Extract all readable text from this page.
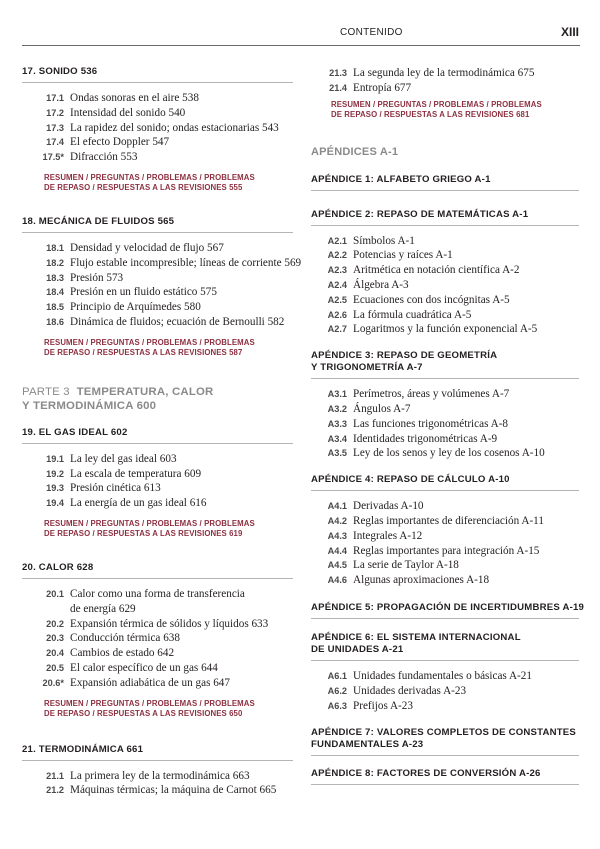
CONTENIDO	XIII
17. SONIDO 536
17.1 Ondas sonoras en el aire 538
17.2 Intensidad del sonido 540
17.3 La rapidez del sonido; ondas estacionarias 543
17.4 El efecto Doppler 547
17.5* Difracción 553
RESUMEN / PREGUNTAS / PROBLEMAS / PROBLEMAS
DE REPASO / RESPUESTAS A LAS REVISIONES 555
18. MECÁNICA DE FLUIDOS 565
18.1 Densidad y velocidad de flujo 567
18.2 Flujo estable incompresible; líneas de corriente 569
18.3 Presión 573
18.4 Presión en un fluido estático 575
18.5 Principio de Arquímedes 580
18.6 Dinámica de fluidos; ecuación de Bernoulli 582
RESUMEN / PREGUNTAS / PROBLEMAS / PROBLEMAS
DE REPASO / RESPUESTAS A LAS REVISIONES 587
PARTE 3 TEMPERATURA, CALOR
Y TERMODINÁMICA 600
19. EL GAS IDEAL 602
19.1 La ley del gas ideal 603
19.2 La escala de temperatura 609
19.3 Presión cinética 613
19.4 La energía de un gas ideal 616
RESUMEN / PREGUNTAS / PROBLEMAS / PROBLEMAS
DE REPASO / RESPUESTAS A LAS REVISIONES 619
20. CALOR 628
20.1 Calor como una forma de transferencia
de energía 629
20.2 Expansión térmica de sólidos y líquidos 633
20.3 Conducción térmica 638
20.4 Cambios de estado 642
20.5 El calor específico de un gas 644
20.6* Expansión adiabática de un gas 647
RESUMEN / PREGUNTAS / PROBLEMAS / PROBLEMAS
DE REPASO / RESPUESTAS A LAS REVISIONES 650
21. TERMODINÁMICA 661
21.1 La primera ley de la termodinámica 663
21.2 Máquinas térmicas; la máquina de Carnot 665
21.3 La segunda ley de la termodinámica 675
21.4 Entropía 677
RESUMEN / PREGUNTAS / PROBLEMAS / PROBLEMAS
DE REPASO / RESPUESTAS A LAS REVISIONES 681
APÉNDICES A-1
APÉNDICE 1: ALFABETO GRIEGO A-1
APÉNDICE 2: REPASO DE MATEMÁTICAS A-1
A2.1 Símbolos A-1
A2.2 Potencias y raíces A-1
A2.3 Aritmética en notación científica A-2
A2.4 Álgebra A-3
A2.5 Ecuaciones con dos incógnitas A-5
A2.6 La fórmula cuadrática A-5
A2.7 Logaritmos y la función exponencial A-5
APÉNDICE 3: REPASO DE GEOMETRÍA
Y TRIGONOMETRÍA A-7
A3.1 Perímetros, áreas y volúmenes A-7
A3.2 Ángulos A-7
A3.3 Las funciones trigonométricas A-8
A3.4 Identidades trigonométricas A-9
A3.5 Ley de los senos y ley de los cosenos A-10
APÉNDICE 4: REPASO DE CÁLCULO A-10
A4.1 Derivadas A-10
A4.2 Reglas importantes de diferenciación A-11
A4.3 Integrales A-12
A4.4 Reglas importantes para integración A-15
A4.5 La serie de Taylor A-18
A4.6 Algunas aproximaciones A-18
APÉNDICE 5: PROPAGACIÓN DE INCERTIDUMBRES A-19
APÉNDICE 6: EL SISTEMA INTERNACIONAL
DE UNIDADES A-21
A6.1 Unidades fundamentales o básicas A-21
A6.2 Unidades derivadas A-23
A6.3 Prefijos A-23
APÉNDICE 7: VALORES COMPLETOS DE CONSTANTES
FUNDAMENTALES A-23
APÉNDICE 8: FACTORES DE CONVERSIÓN A-26
